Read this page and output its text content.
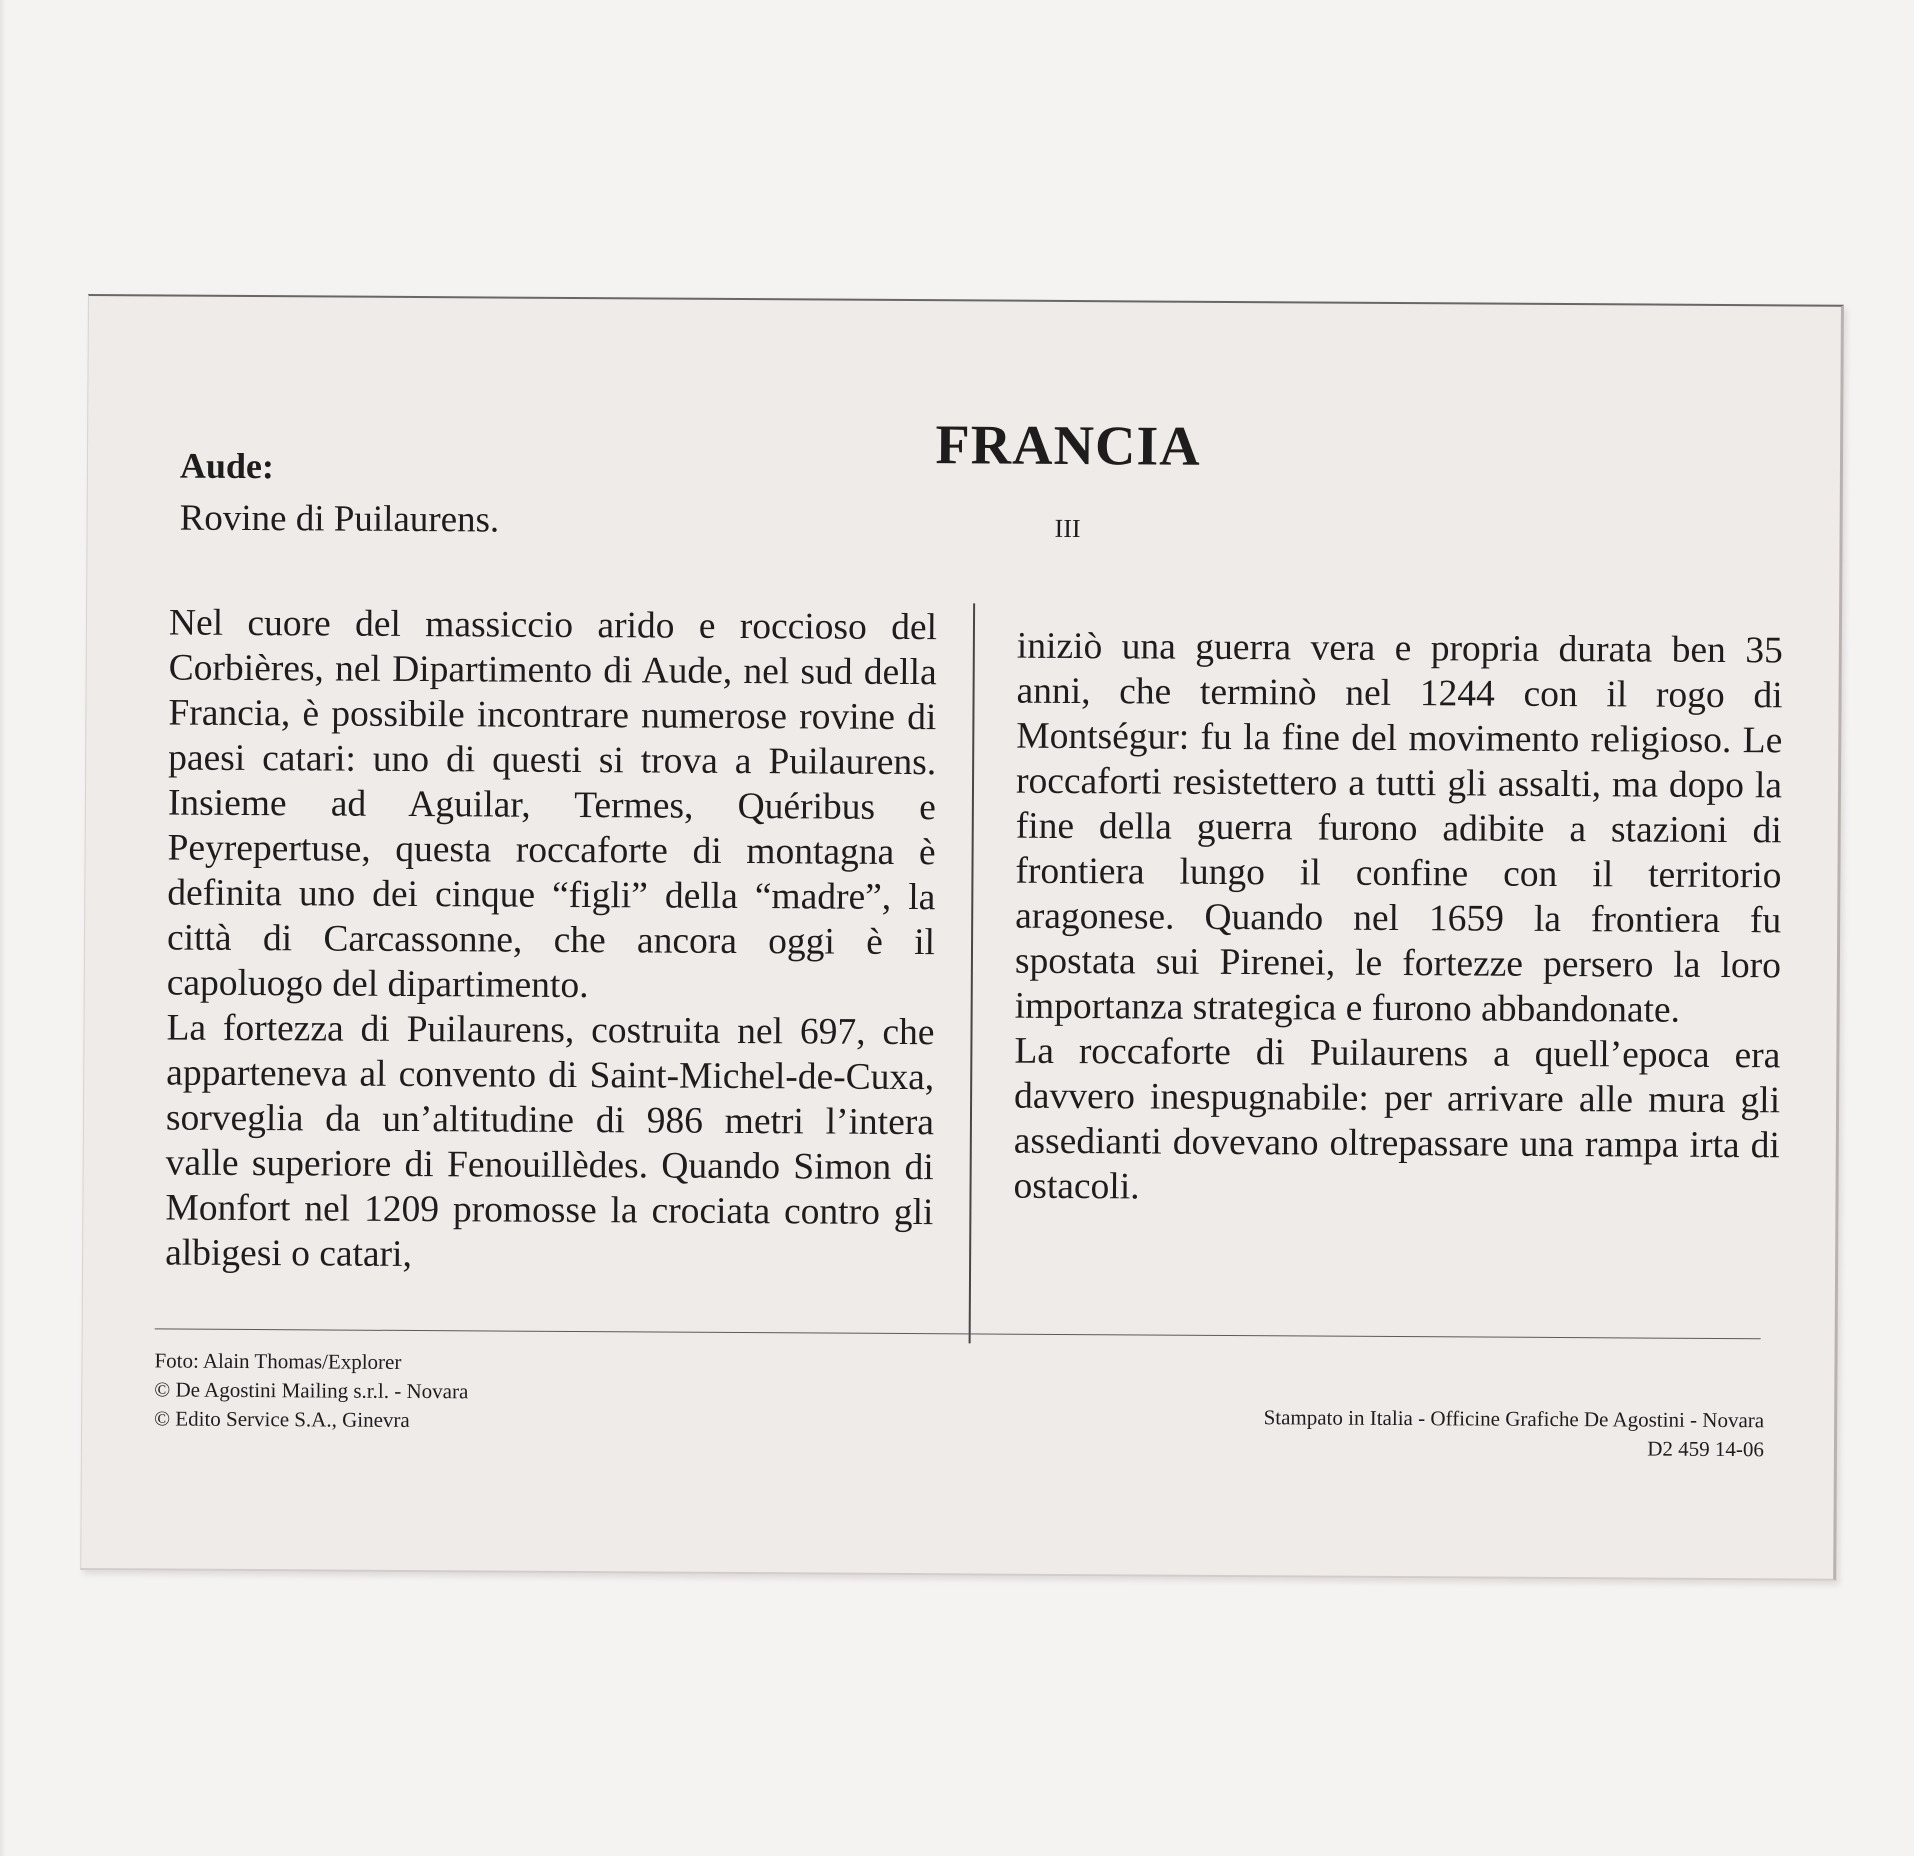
Aude:
Rovine di Puilaurens.
FRANCIA
III

Nel cuore del massiccio arido e roccioso del Corbières, nel Dipartimento di Aude, nel sud della Francia, è possibile incontrare numerose rovine di paesi catari: uno di questi si trova a Puilaurens. Insieme ad Aguilar, Termes, Quéribus e Peyrepertuse, questa roccaforte di montagna è definita uno dei cinque “figli” della “madre”, la città di Carcassonne, che ancora oggi è il capoluogo del dipartimento.

La fortezza di Puilaurens, costruita nel 697, che apparteneva al convento di Saint-Michel-de-Cuxa, sorveglia da un’altitudine di 986 metri l’intera valle superiore di Fenouillèdes. Quando Simon di Monfort nel 1209 promosse la crociata contro gli albigesi o catari,

iniziò una guerra vera e propria durata ben 35 anni, che terminò nel 1244 con il rogo di Montségur: fu la fine del movimento religioso. Le roccaforti resistettero a tutti gli assalti, ma dopo la fine della guerra furono adibite a stazioni di frontiera lungo il confine con il territorio aragonese. Quando nel 1659 la frontiera fu spostata sui Pirenei, le fortezze persero la loro importanza strategica e furono abbandonate.

La roccaforte di Puilaurens a quell’epoca era davvero inespugnabile: per arrivare alle mura gli assedianti dovevano oltrepassare una rampa irta di ostacoli.

Foto: Alain Thomas/Explorer
© De Agostini Mailing s.r.l. - Novara
© Edito Service S.A., Ginevra	Stampato in Italia - Officine Grafiche De Agostini - Novara
D2 459 14-06
